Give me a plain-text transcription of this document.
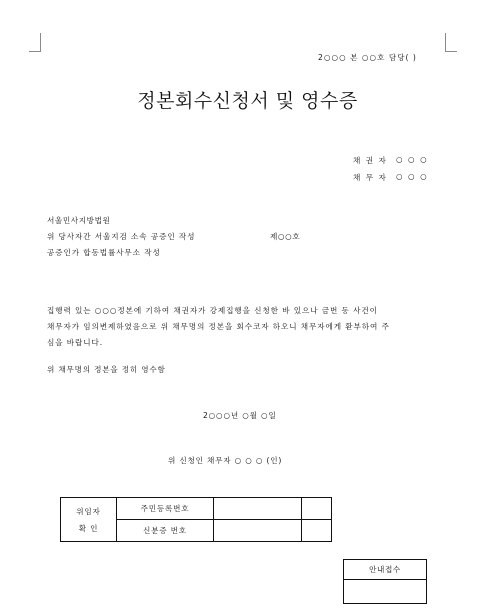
2○○○ 본 ○○호 담당( )
정본회수신청서 및 영수증
채 권 자 ○ ○ ○
채 무 자 ○ ○ ○
서울민사지방법원
위 당사자간 서울지검 소속 공증인 작성	제○○호
공증인가 합동법률사무소 작성
집행력 있는 ○○○정본에 기하여 채권자가 강제집행을 신청한 바 있으나 금번 동 사건이
채무자가 임의변제하였음으로 위 채무명의 정본을 회수코자 하오니 채무자에게 환부하여 주
심을 바랍니다.
위 채무명의 정본을 정히 영수함
2○○○년 ○월 ○일
위 신청인 채무자 ○ ○ ○ (인)
위임자
확 인	주민등록번호		
	신분증 번호		
안내접수
